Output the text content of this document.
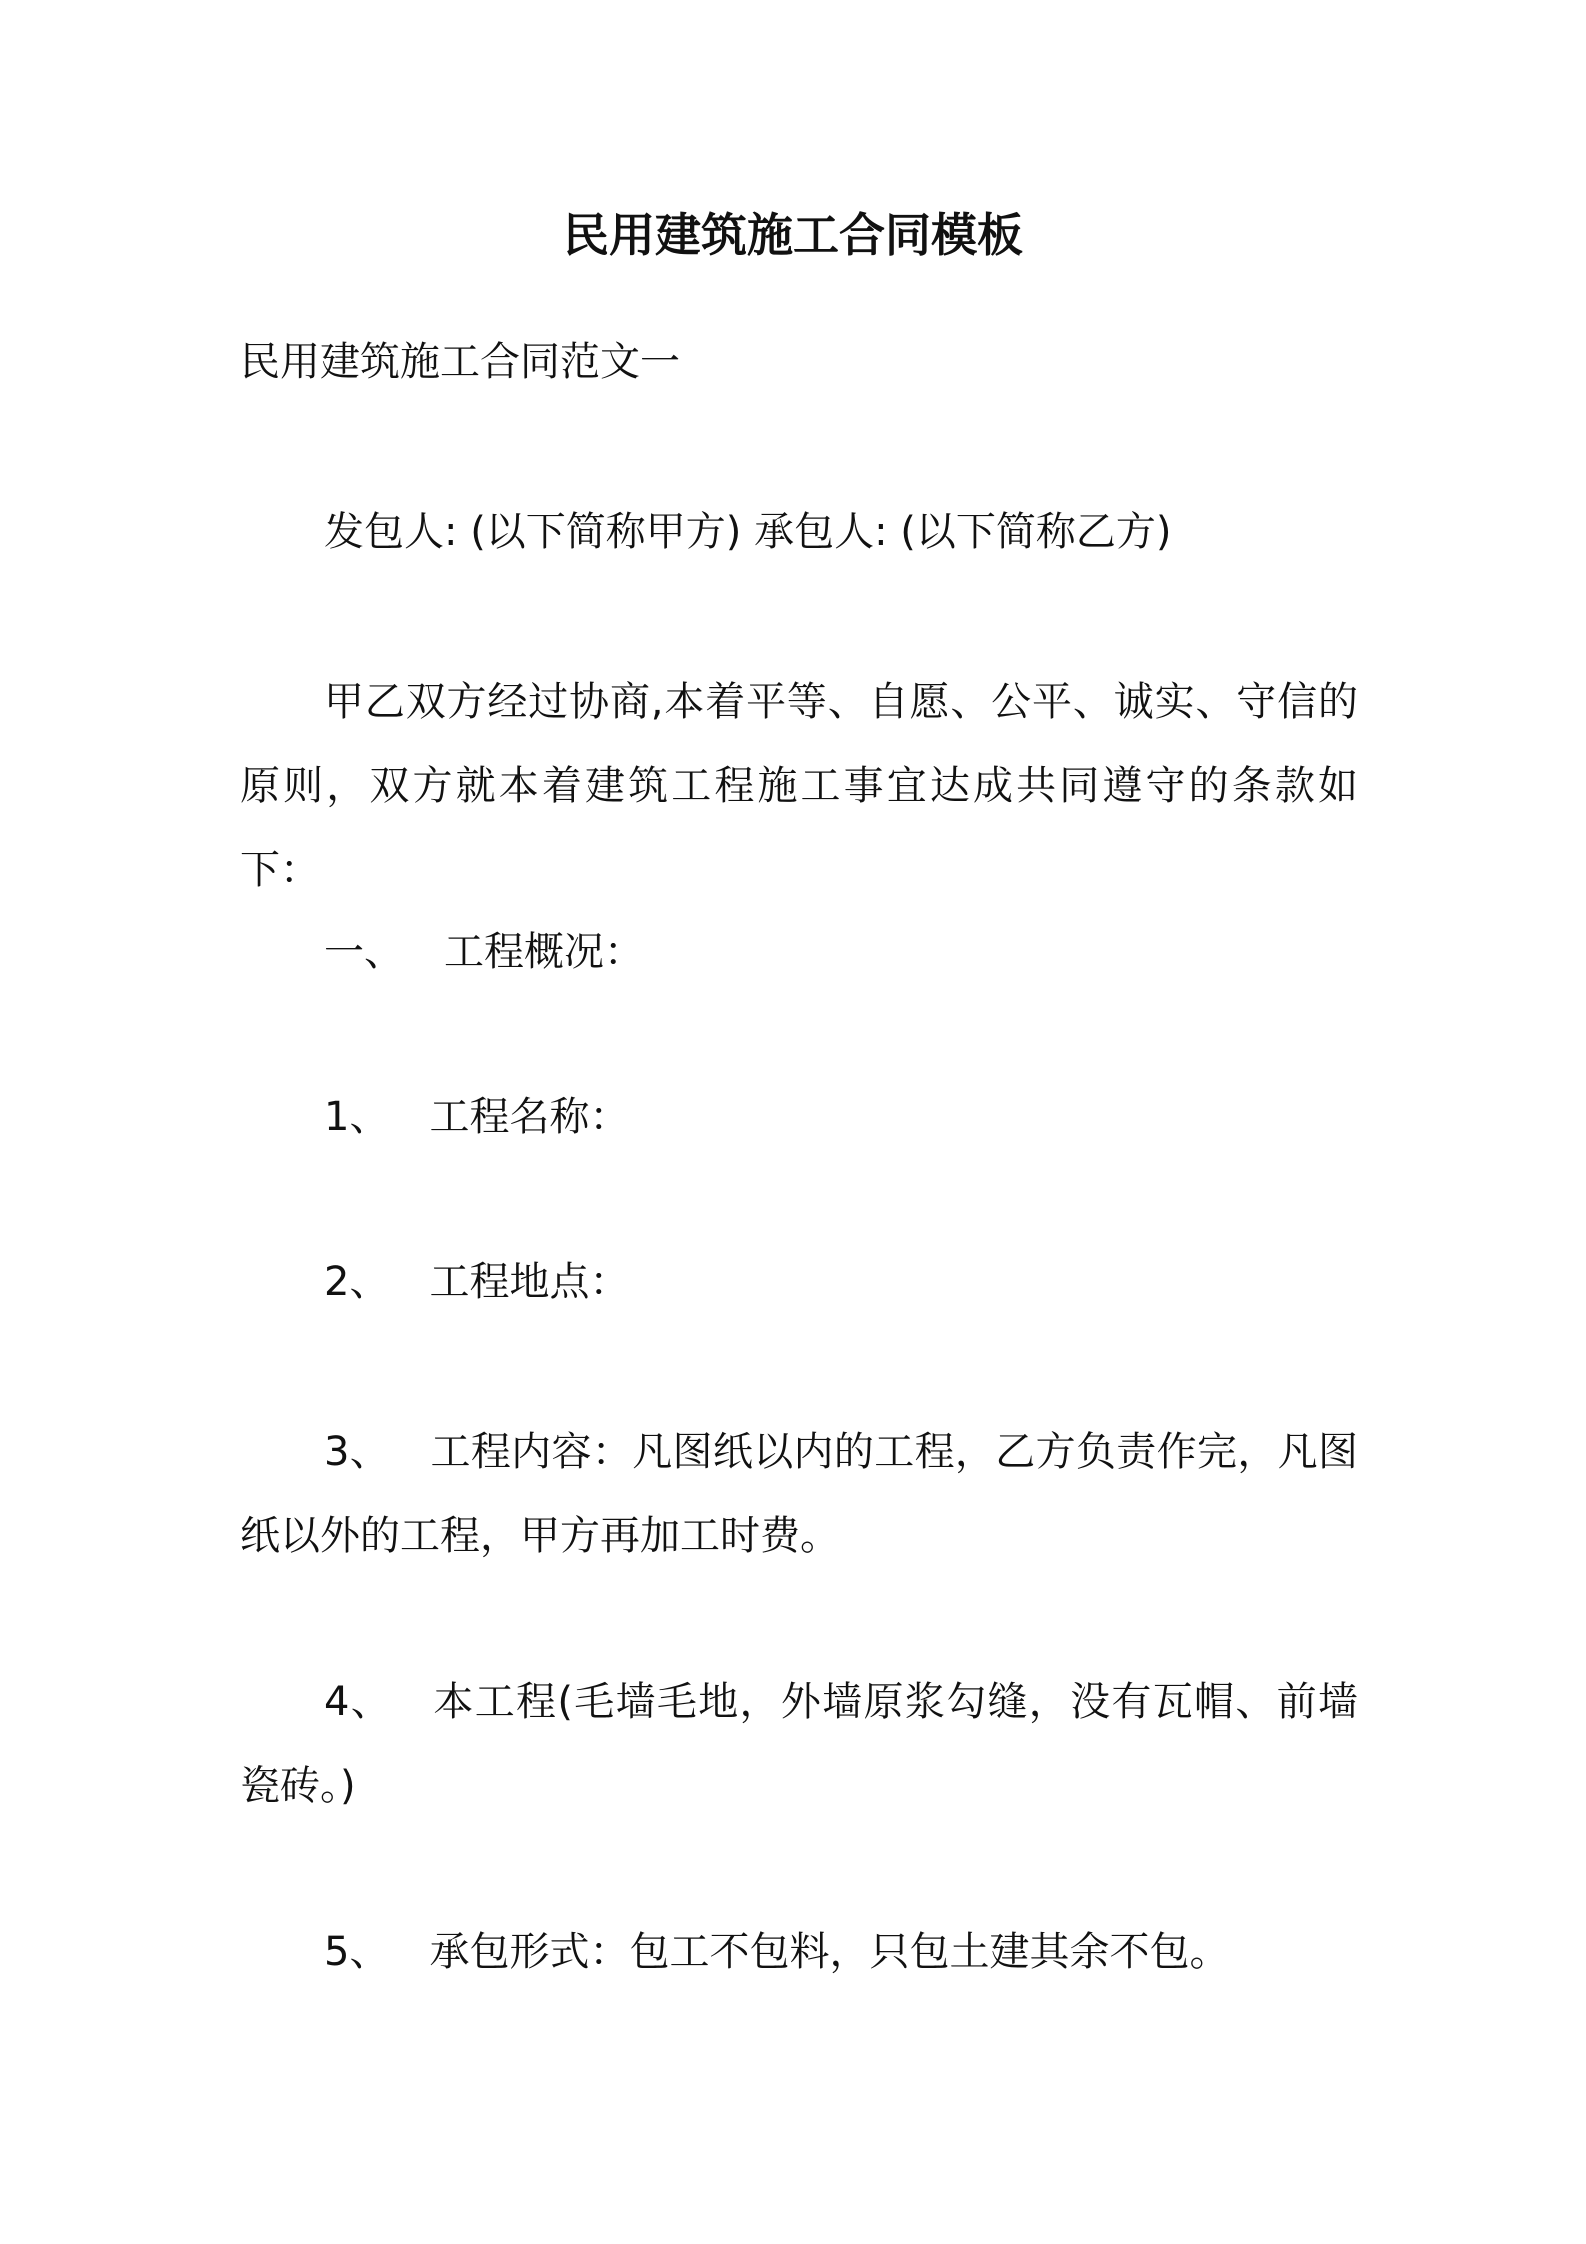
民用建筑施工合同模板
民用建筑施工合同范文一
发包人: (以下简称甲方) 承包人: (以下简称乙方)
甲乙双方经过协商,本着平等、自愿、公平、诚实、守信的原则，双方就本着建筑工程施工事宜达成共同遵守的条款如下：
一、 工程概况：
1、 工程名称：
2、 工程地点：
3、 工程内容：凡图纸以内的工程，乙方负责作完，凡图纸以外的工程，甲方再加工时费。
4、 本工程(毛墙毛地，外墙原浆勾缝，没有瓦帽、前墙瓷砖。)
5、 承包形式：包工不包料，只包土建其余不包。
